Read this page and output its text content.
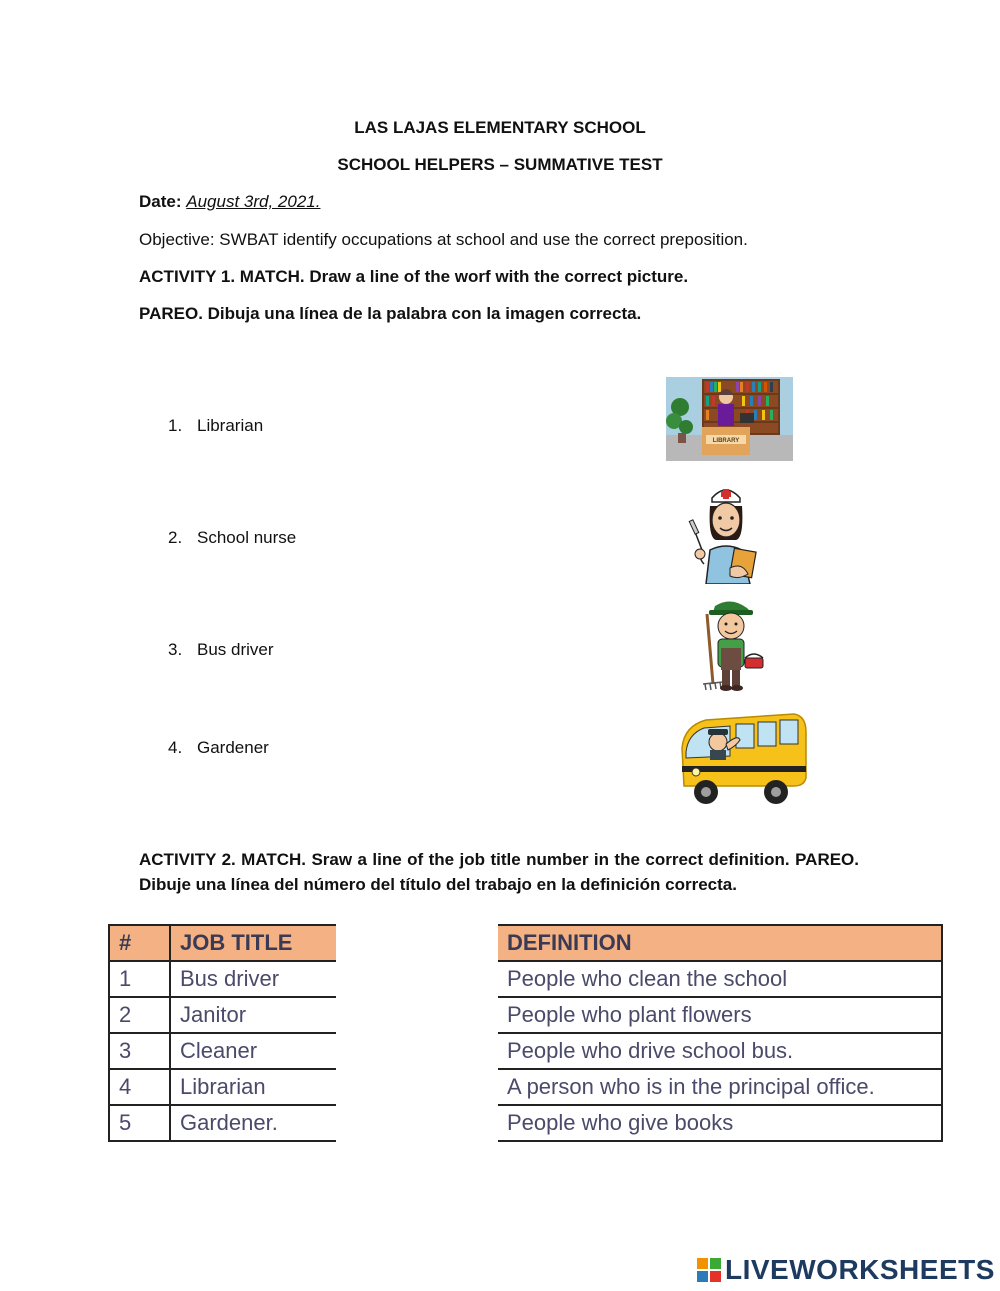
LAS LAJAS ELEMENTARY SCHOOL
SCHOOL HELPERS – SUMMATIVE TEST
Date: August 3rd, 2021.
Objective: SWBAT identify occupations at school and use the correct preposition.
ACTIVITY 1. MATCH. Draw a line of the worf with the correct picture.
PAREO. Dibuja una línea de la palabra con la imagen correcta.
1. Librarian
2. School nurse
3. Bus driver
4. Gardener
LIBRARY
ACTIVITY 2. MATCH. Sraw a line of the job title number in the correct definition. PAREO. Dibuje una línea del número del título del trabajo en la definición correcta.
#	JOB TITLE
1	Bus driver
2	Janitor
3	Cleaner
4	Librarian
5	Gardener.
DEFINITION
People who clean the school
People who plant flowers
People who drive school bus.
A person who is in the principal office.
People who give books
LIVEWORKSHEETS
